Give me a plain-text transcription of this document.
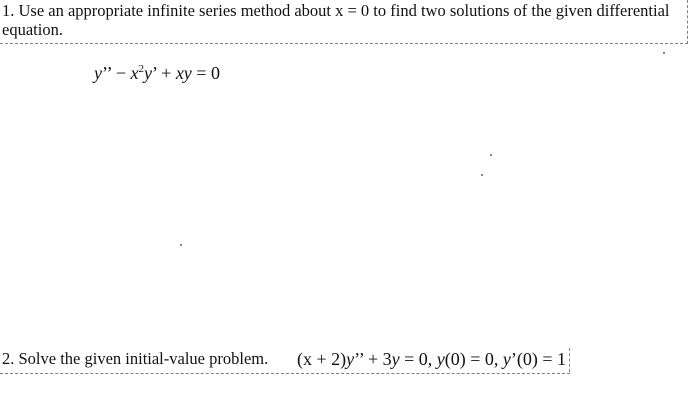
1. Use an appropriate infinite series method about x = 0 to find two solutions of the given differential
equation.
y’’ − $x^2y$’ + xy = 0
2. Solve the given initial-value problem. (x + 2)y’’ + 3y = 0, y(0) = 0, y’(0) = 1
